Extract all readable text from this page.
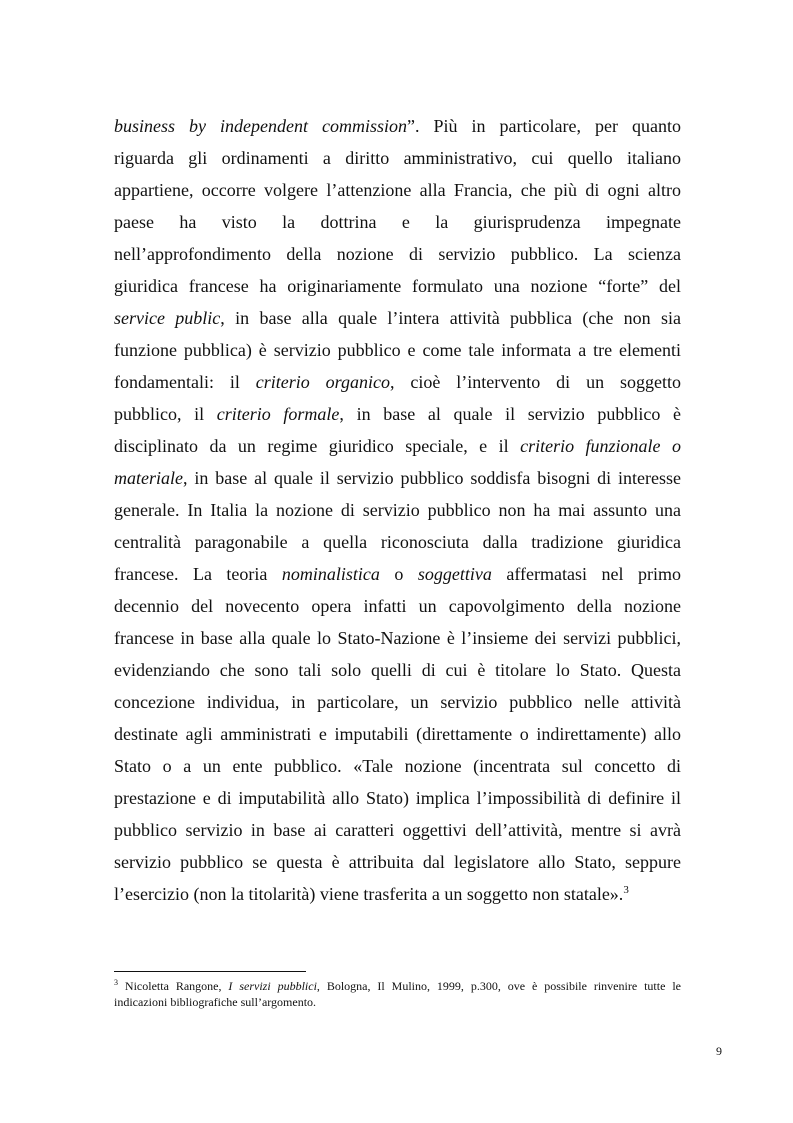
business by independent commission”. Più in particolare, per quanto
riguarda gli ordinamenti a diritto amministrativo, cui quello italiano
appartiene, occorre volgere l’attenzione alla Francia, che più di ogni altro
paese ha visto la dottrina e la giurisprudenza impegnate
nell’approfondimento della nozione di servizio pubblico. La scienza
giuridica francese ha originariamente formulato una nozione “forte” del
service public, in base alla quale l’intera attività pubblica (che non sia
funzione pubblica) è servizio pubblico e come tale informata a tre elementi
fondamentali: il criterio organico, cioè l’intervento di un soggetto
pubblico, il criterio formale, in base al quale il servizio pubblico è
disciplinato da un regime giuridico speciale, e il criterio funzionale o
materiale, in base al quale il servizio pubblico soddisfa bisogni di interesse
generale. In Italia la nozione di servizio pubblico non ha mai assunto una
centralità paragonabile a quella riconosciuta dalla tradizione giuridica
francese. La teoria nominalistica o soggettiva affermatasi nel primo
decennio del novecento opera infatti un capovolgimento della nozione
francese in base alla quale lo Stato-Nazione è l’insieme dei servizi pubblici,
evidenziando che sono tali solo quelli di cui è titolare lo Stato. Questa
concezione individua, in particolare, un servizio pubblico nelle attività
destinate agli amministrati e imputabili (direttamente o indirettamente) allo
Stato o a un ente pubblico. «Tale nozione (incentrata sul concetto di
prestazione e di imputabilità allo Stato) implica l’impossibilità di definire il
pubblico servizio in base ai caratteri oggettivi dell’attività, mentre si avrà
servizio pubblico se questa è attribuita dal legislatore allo Stato, seppure
l’esercizio (non la titolarità) viene trasferita a un soggetto non statale».$^3$
$^3$ Nicoletta Rangone, I servizi pubblici, Bologna, Il Mulino, 1999, p.300, ove è possibile rinvenire tutte le
indicazioni bibliografiche sull’argomento.
9
